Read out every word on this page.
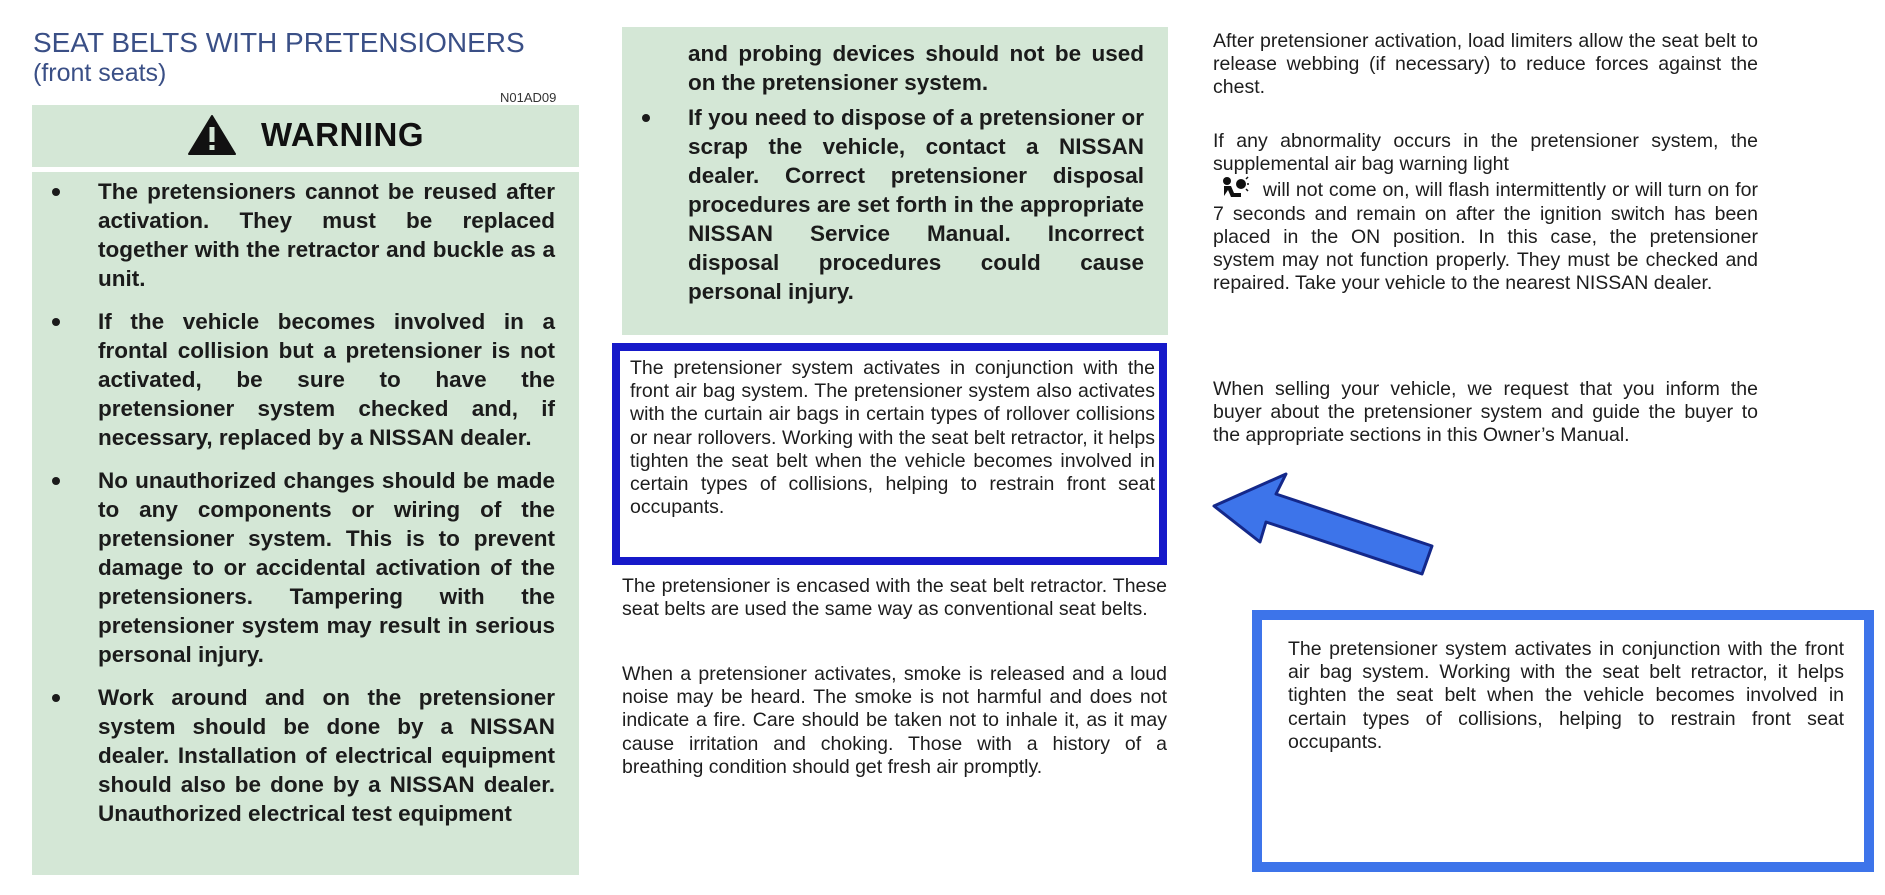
SEAT BELTS WITH PRETENSIONERS
(front seats)
N01AD09
WARNING
The pretensioners cannot be reused after activation. They must be replaced together with the retractor and buckle as a unit.
If the vehicle becomes involved in a frontal collision but a pretensioner is not activated, be sure to have the pretensioner system checked and, if necessary, replaced by a NISSAN dealer.
No unauthorized changes should be made to any components or wiring of the pretensioner system. This is to prevent damage to or accidental activation of the pretensioners. Tampering with the pretensioner system may result in serious personal injury.
Work around and on the pretensioner system should be done by a NISSAN dealer. Installation of electrical equipment should also be done by a NISSAN dealer. Unauthorized electrical test equipment
and probing devices should not be used on the pretensioner system.
If you need to dispose of a pretensioner or scrap the vehicle, contact a NISSAN dealer. Correct pretensioner disposal procedures are set forth in the appropriate NISSAN Service Manual. Incorrect disposal procedures could cause personal injury.
The pretensioner system activates in conjunction with the front air bag system. The pretensioner system also activates with the curtain air bags in certain types of rollover collisions or near rollovers. Working with the seat belt retractor, it helps tighten the seat belt when the vehicle becomes involved in certain types of collisions, helping to restrain front seat occupants.
The pretensioner is encased with the seat belt retractor. These seat belts are used the same way as conventional seat belts.
When a pretensioner activates, smoke is released and a loud noise may be heard. The smoke is not harmful and does not indicate a fire. Care should be taken not to inhale it, as it may cause irritation and choking. Those with a history of a breathing condition should get fresh air promptly.
After pretensioner activation, load limiters allow the seat belt to release webbing (if necessary) to reduce forces against the chest.
If any abnormality occurs in the pretensioner system, the supplemental air bag warning light
will not come on, will flash intermittently or will turn on for 7 seconds and remain on after the ignition switch has been placed in the ON position. In this case, the pretensioner system may not function properly. They must be checked and repaired. Take your vehicle to the nearest NISSAN dealer.
When selling your vehicle, we request that you inform the buyer about the pretensioner system and guide the buyer to the appropriate sections in this Owner’s Manual.
The pretensioner system activates in conjunction with the front air bag system. Working with the seat belt retractor, it helps tighten the seat belt when the vehicle becomes involved in certain types of collisions, helping to restrain front seat occupants.
